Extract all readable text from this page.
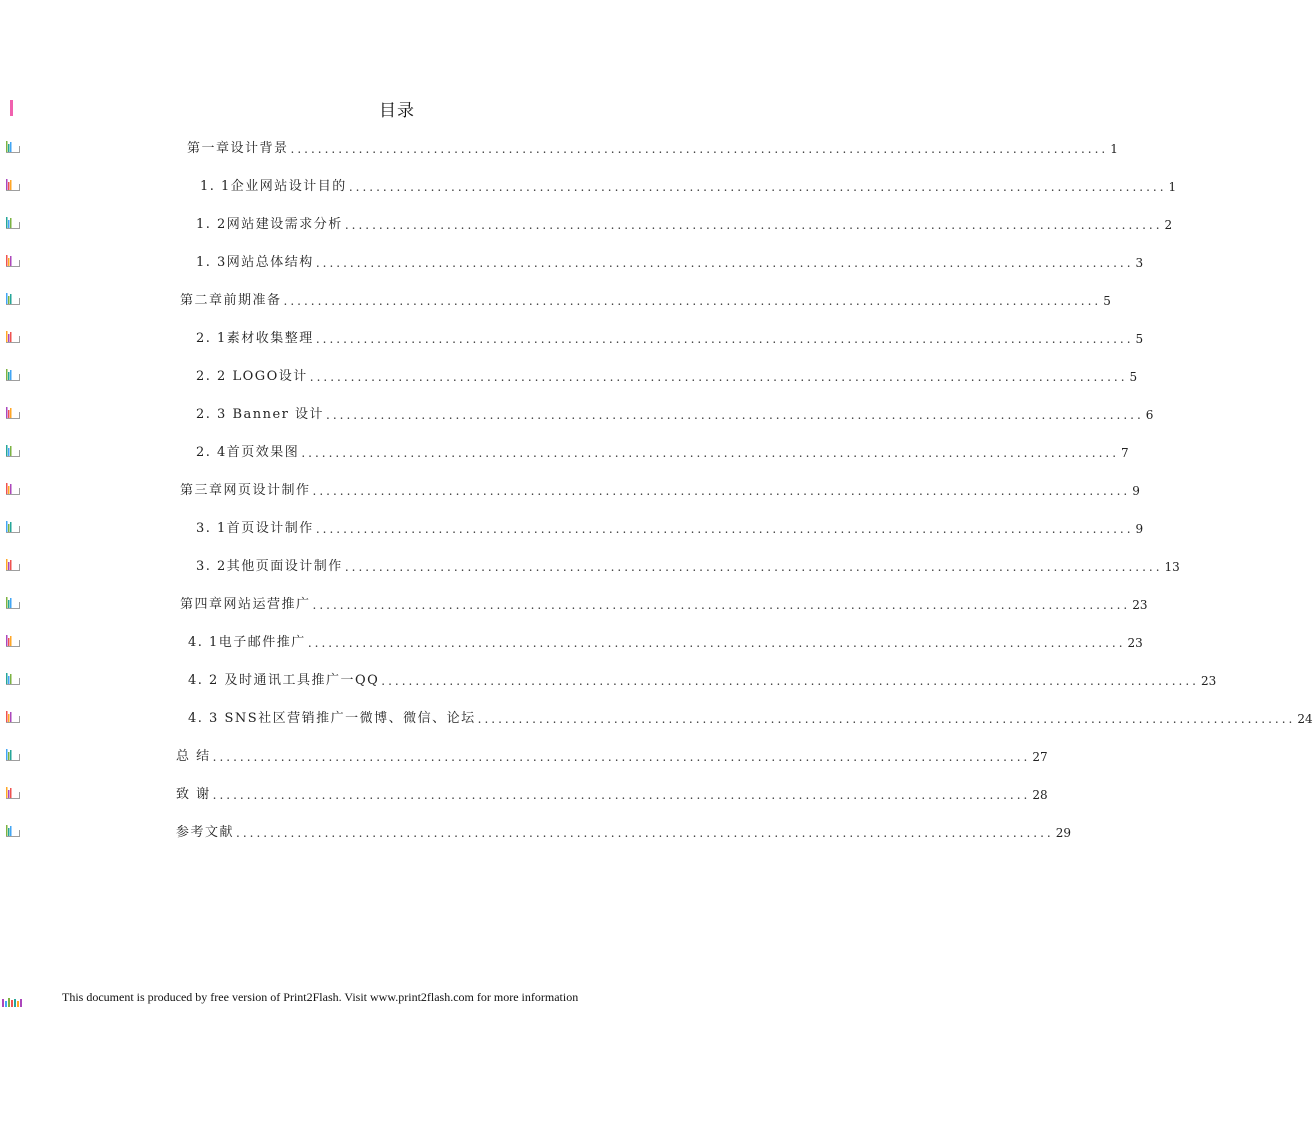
目录
第一章设计背景 ........................................................................................................................ 1
1. 1企业网站设计目的 ........................................................................................................................ 1
1. 2网站建设需求分析 ........................................................................................................................ 2
1. 3网站总体结构 ........................................................................................................................ 3
第二章前期准备 ........................................................................................................................ 5
2. 1素材收集整理 ........................................................................................................................ 5
2. 2 LOGO设计 ........................................................................................................................ 5
2. 3 Banner 设计 ........................................................................................................................ 6
2. 4首页效果图 ........................................................................................................................ 7
第三章网页设计制作 ........................................................................................................................ 9
3. 1首页设计制作 ........................................................................................................................ 9
3. 2其他页面设计制作 ........................................................................................................................ 13
第四章网站运营推广 ........................................................................................................................ 23
4. 1电子邮件推广 ........................................................................................................................ 23
4. 2 及时通讯工具推广一QQ ........................................................................................................................ 23
4. 3 SNS社区营销推广一微博、微信、论坛 ........................................................................................................................ 24
总 结 ........................................................................................................................ 27
致 谢 ........................................................................................................................ 28
参考文献 ........................................................................................................................ 29
This document is produced by free version of Print2Flash. Visit www.print2flash.com for more information
